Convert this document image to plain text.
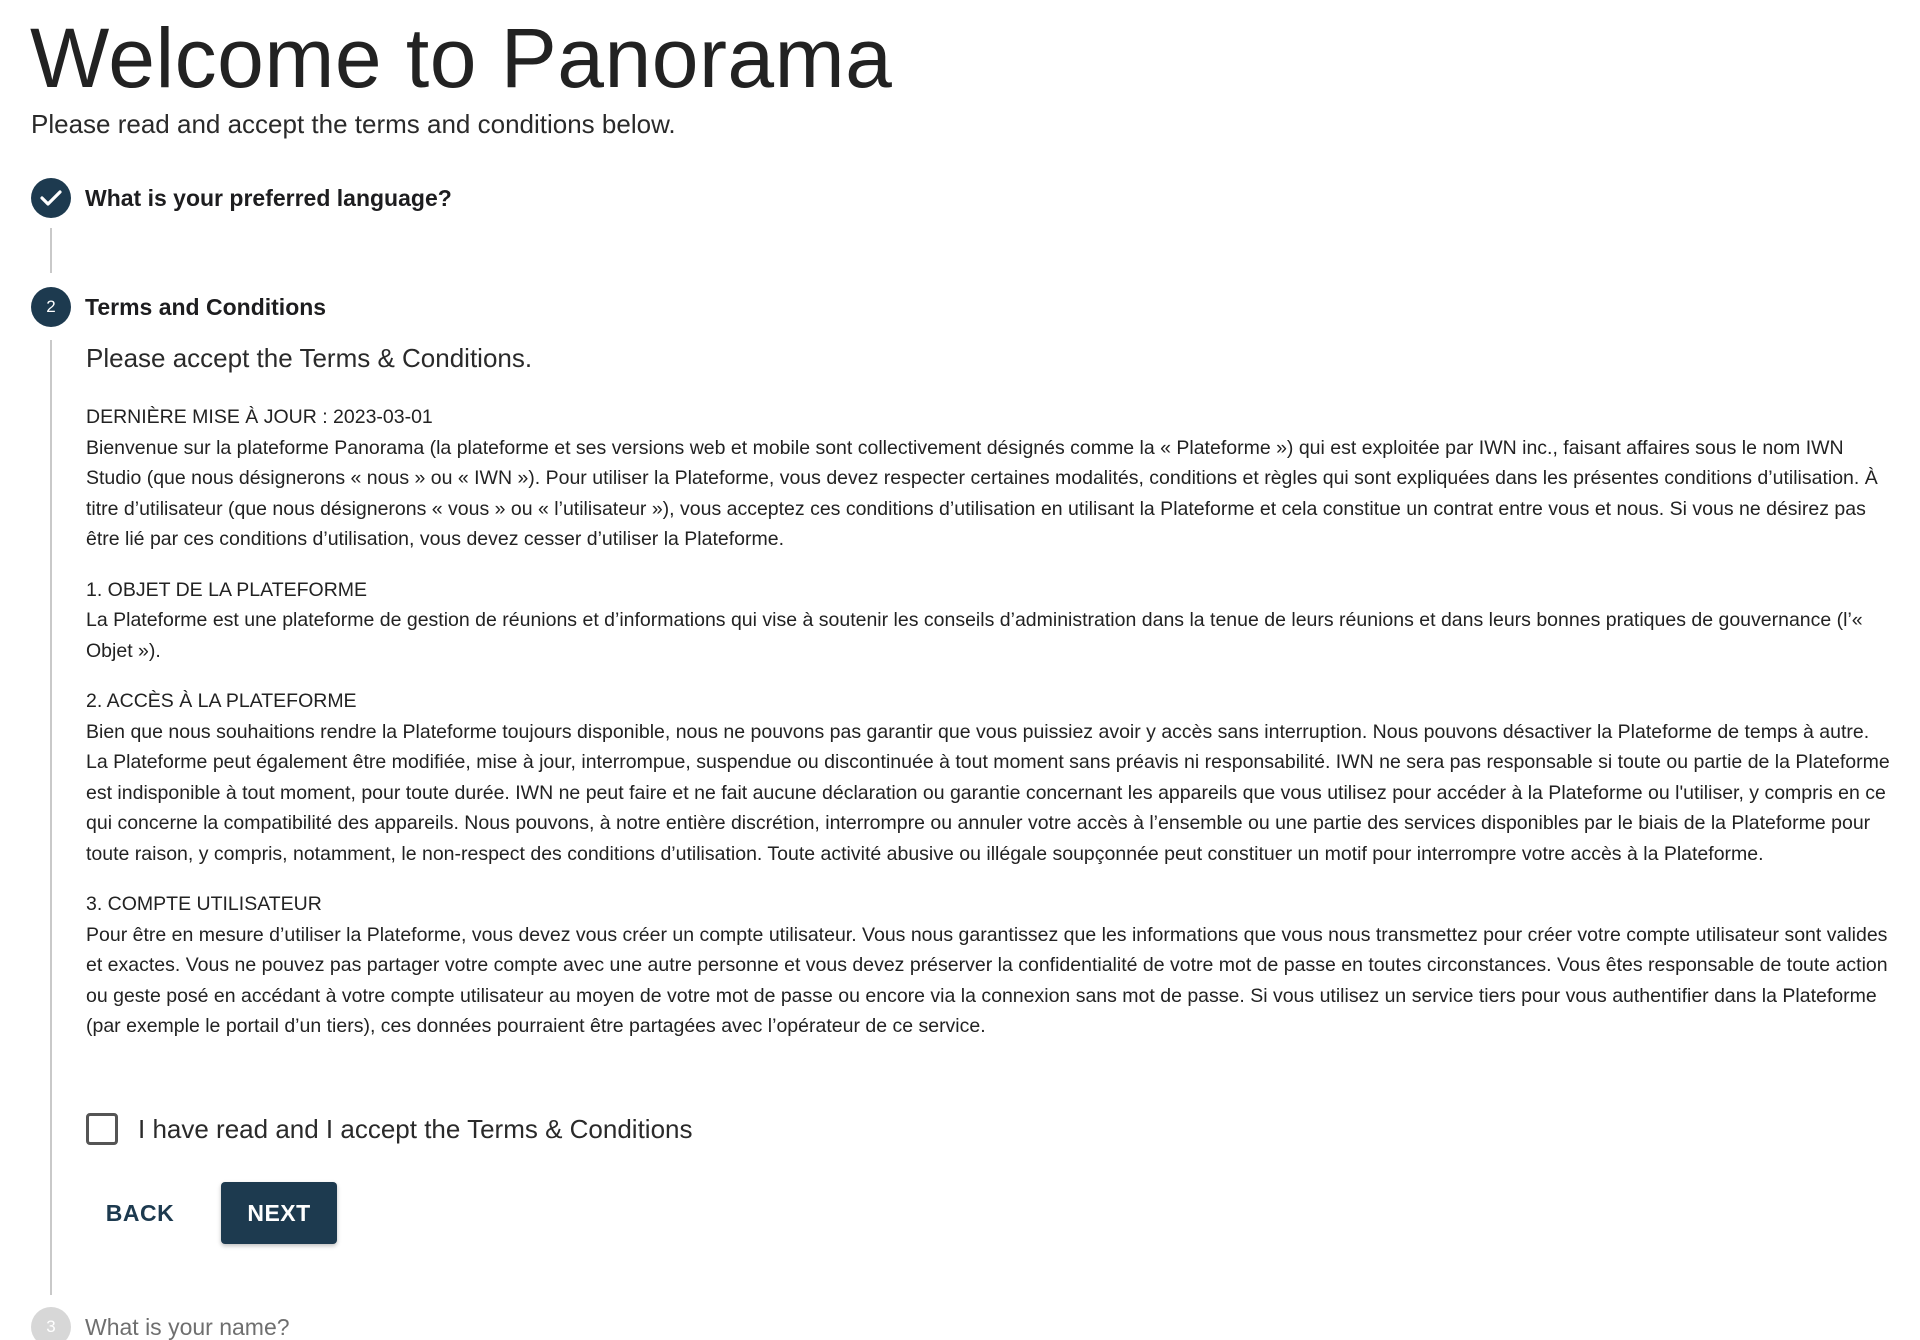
Welcome to Panorama
Please read and accept the terms and conditions below.
What is your preferred language?
2 Terms and Conditions
Please accept the Terms & Conditions.

DERNIÈRE MISE À JOUR : 2023-03-01
Bienvenue sur la plateforme Panorama (la plateforme et ses versions web et mobile sont collectivement désignés comme la « Plateforme ») qui est exploitée par IWN inc., faisant affaires sous le nom IWN Studio (que nous désignerons « nous » ou « IWN »). Pour utiliser la Plateforme, vous devez respecter certaines modalités, conditions et règles qui sont expliquées dans les présentes conditions d’utilisation. À titre d’utilisateur (que nous désignerons « vous » ou « l’utilisateur »), vous acceptez ces conditions d’utilisation en utilisant la Plateforme et cela constitue un contrat entre vous et nous. Si vous ne désirez pas être lié par ces conditions d’utilisation, vous devez cesser d’utiliser la Plateforme.

1. OBJET DE LA PLATEFORME
La Plateforme est une plateforme de gestion de réunions et d’informations qui vise à soutenir les conseils d’administration dans la tenue de leurs réunions et dans leurs bonnes pratiques de gouvernance (l’« Objet »).

2. ACCÈS À LA PLATEFORME
Bien que nous souhaitions rendre la Plateforme toujours disponible, nous ne pouvons pas garantir que vous puissiez avoir y accès sans interruption. Nous pouvons désactiver la Plateforme de temps à autre. La Plateforme peut également être modifiée, mise à jour, interrompue, suspendue ou discontinuée à tout moment sans préavis ni responsabilité. IWN ne sera pas responsable si toute ou partie de la Plateforme est indisponible à tout moment, pour toute durée. IWN ne peut faire et ne fait aucune déclaration ou garantie concernant les appareils que vous utilisez pour accéder à la Plateforme ou l'utiliser, y compris en ce qui concerne la compatibilité des appareils. Nous pouvons, à notre entière discrétion, interrompre ou annuler votre accès à l’ensemble ou une partie des services disponibles par le biais de la Plateforme pour toute raison, y compris, notamment, le non-respect des conditions d’utilisation. Toute activité abusive ou illégale soupçonnée peut constituer un motif pour interrompre votre accès à la Plateforme.

3. COMPTE UTILISATEUR
Pour être en mesure d’utiliser la Plateforme, vous devez vous créer un compte utilisateur. Vous nous garantissez que les informations que vous nous transmettez pour créer votre compte utilisateur sont valides et exactes. Vous ne pouvez pas partager votre compte avec une autre personne et vous devez préserver la confidentialité de votre mot de passe en toutes circonstances. Vous êtes responsable de toute action ou geste posé en accédant à votre compte utilisateur au moyen de votre mot de passe ou encore via la connexion sans mot de passe. Si vous utilisez un service tiers pour vous authentifier dans la Plateforme (par exemple le portail d’un tiers), ces données pourraient être partagées avec l’opérateur de ce service.

I have read and I accept the Terms & Conditions
BACK	NEXT
3 What is your name?
